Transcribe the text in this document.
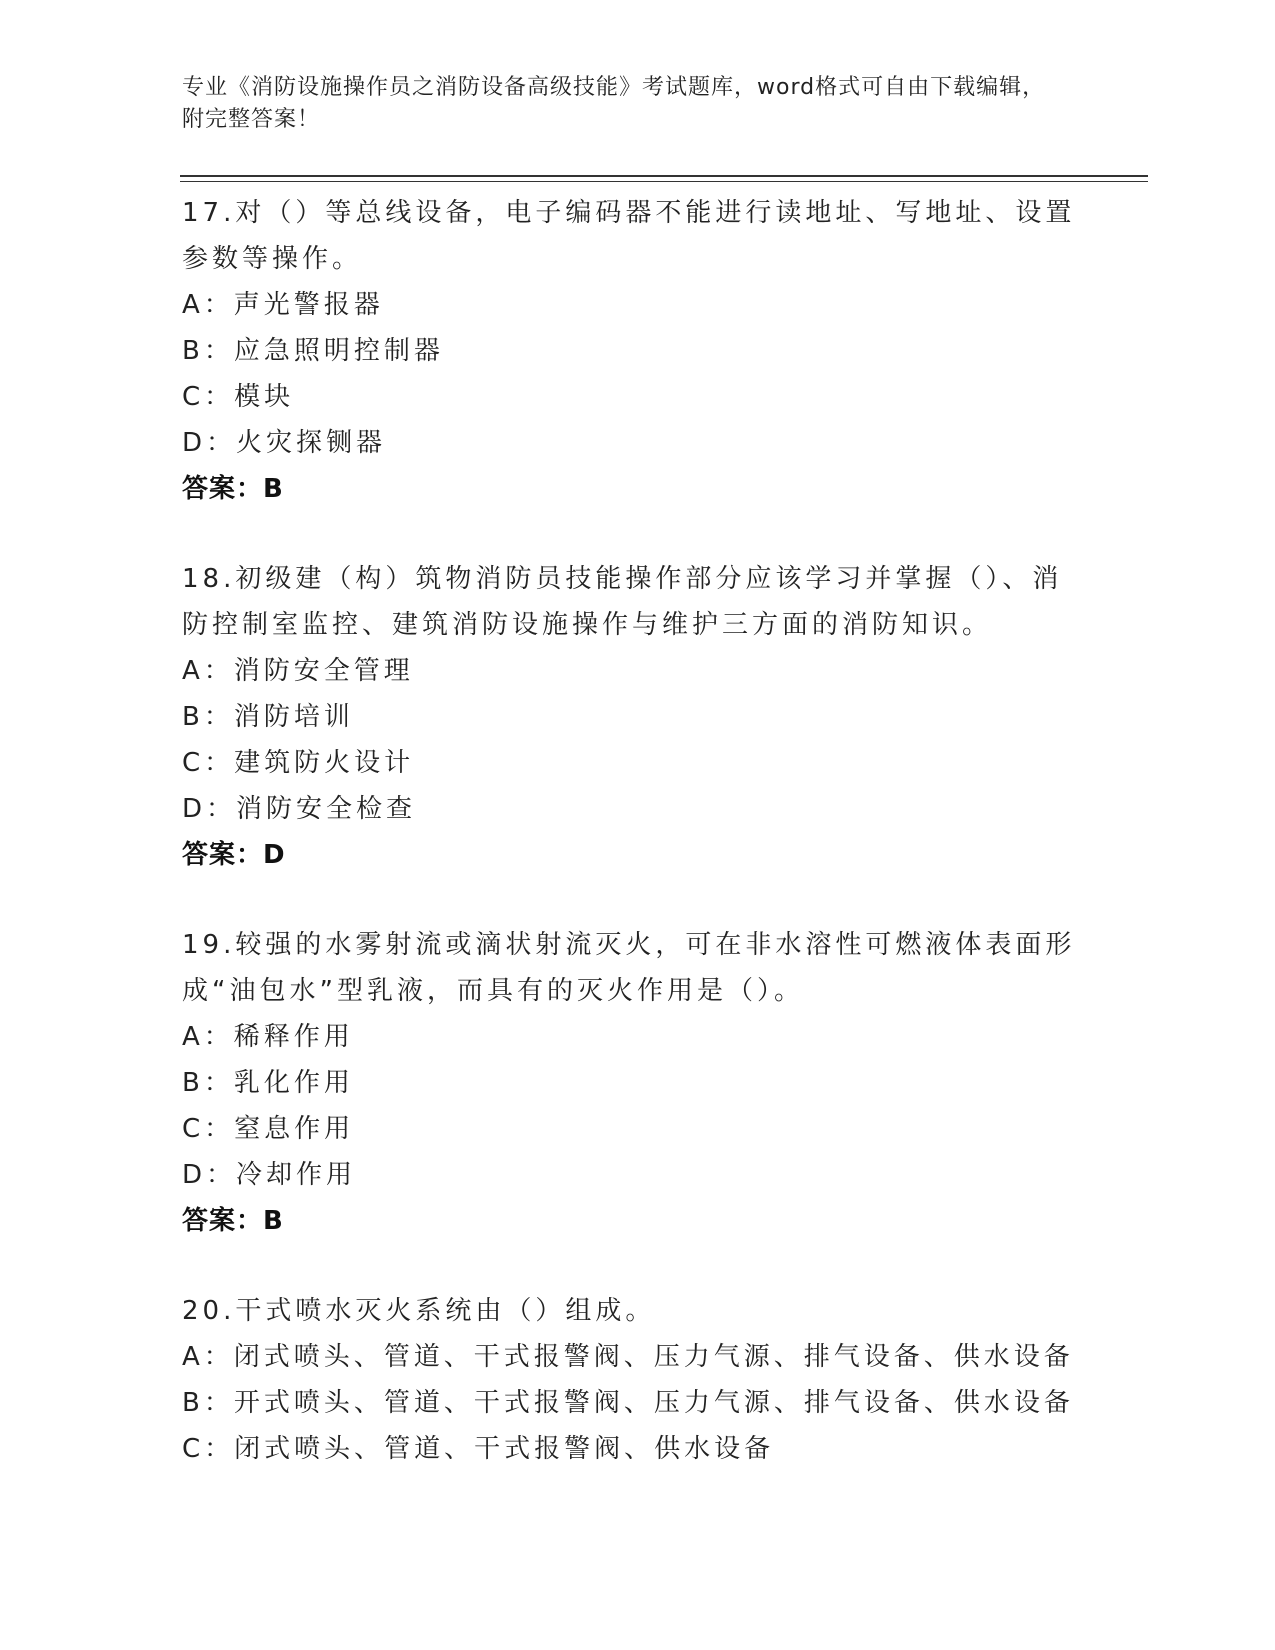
专业《消防设施操作员之消防设备高级技能》考试题库，word格式可自由下载编辑，附完整答案！
17.对（）等总线设备，电子编码器不能进行读地址、写地址、设置参数等操作。
A：声光警报器
B：应急照明控制器
C：模块
D：火灾探铡器
答案：B
18.初级建（构）筑物消防员技能操作部分应该学习并掌握（）、消防控制室监控、建筑消防设施操作与维护三方面的消防知识。
A：消防安全管理
B：消防培训
C：建筑防火设计
D：消防安全检查
答案：D
19.较强的水雾射流或滴状射流灭火，可在非水溶性可燃液体表面形成“油包水”型乳液，而具有的灭火作用是（）。
A：稀释作用
B：乳化作用
C：窒息作用
D：冷却作用
答案：B
20.干式喷水灭火系统由（）组成。
A：闭式喷头、管道、干式报警阀、压力气源、排气设备、供水设备
B：开式喷头、管道、干式报警阀、压力气源、排气设备、供水设备
C：闭式喷头、管道、干式报警阀、供水设备
